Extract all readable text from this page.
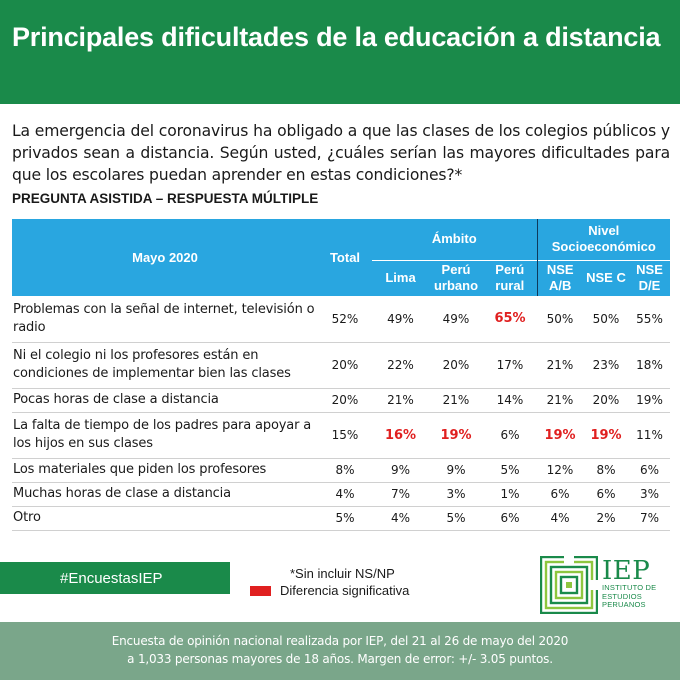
Principales dificultades de la educación a distancia

La emergencia del coronavirus ha obligado a que las clases de los colegios públicos y privados sean a distancia. Según usted, ¿cuáles serían las mayores dificultades para que los escolares puedan aprender en estas condiciones?*

PREGUNTA ASISTIDA – RESPUESTA MÚLTIPLE
Mayo 2020	Total	Ámbito			Nivel Socioeconómico		
		Lima	Perú urbano	Perú rural	NSE A/B	NSE C	NSE D/E
Problemas con la señal de internet, televisión o radio	52%	49%	49%	65%	50%	50%	55%
Ni el colegio ni los profesores están en condiciones de implementar bien las clases	20%	22%	20%	17%	21%	23%	18%
Pocas horas de clase a distancia	20%	21%	21%	14%	21%	20%	19%
La falta de tiempo de los padres para apoyar a los hijos en sus clases	15%	16%	19%	6%	19%	19%	11%
Los materiales que piden los profesores	8%	9%	9%	5%	12%	8%	6%
Muchas horas de clase a distancia	4%	7%	3%	1%	6%	6%	3%
Otro	5%	4%	5%	6%	4%	2%	7%
#EncuestasIEP	*Sin incluir NS/NP
Diferencia significativa
IEP
INSTITUTO DE
ESTUDIOS
PERUANOS
Encuesta de opinión nacional realizada por IEP, del 21 al 26 de mayo del 2020
a 1,033 personas mayores de 18 años. Margen de error: +/- 3.05 puntos.
